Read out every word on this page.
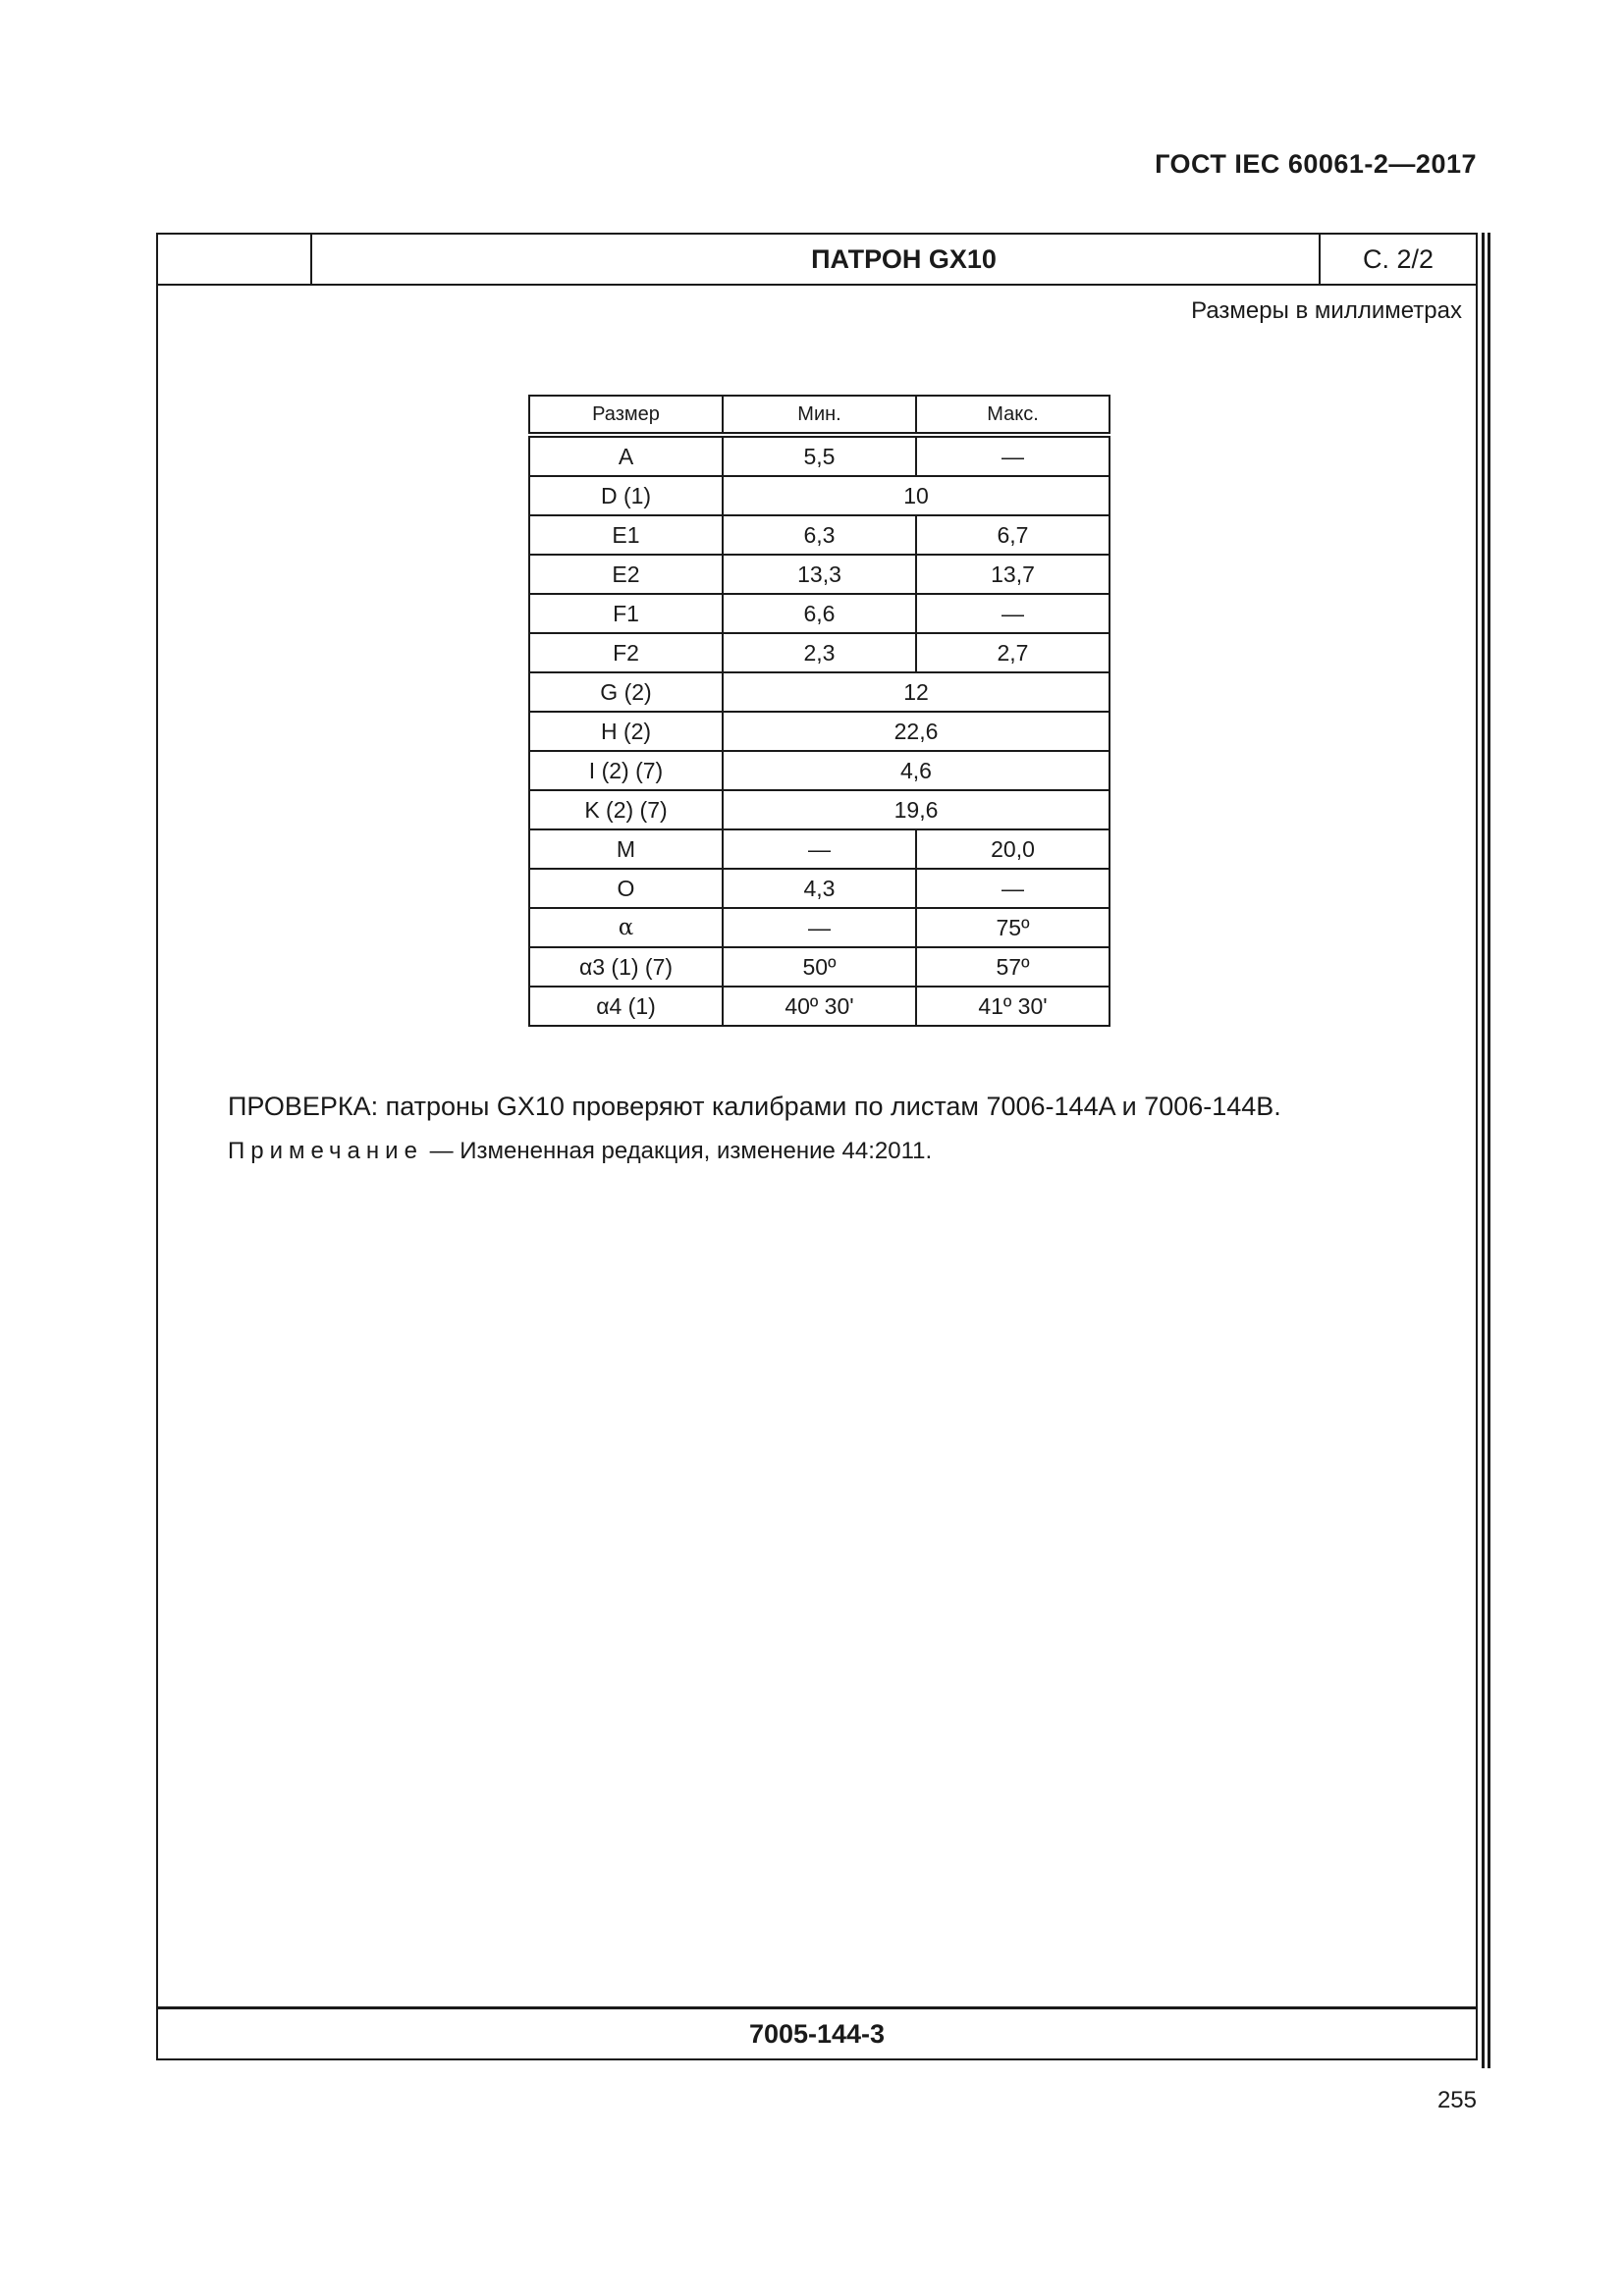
ГОСТ IEC 60061-2—2017
ПАТРОН GX10	С. 2/2
Размеры в миллиметрах
Размер	Мин.	Макс.
A	5,5	—
D (1)	10	
E1	6,3	6,7
E2	13,3	13,7
F1	6,6	—
F2	2,3	2,7
G (2)	12	
H (2)	22,6	
I (2) (7)	4,6	
K (2) (7)	19,6	
M	—	20,0
O	4,3	—
α	—	75º
α3 (1) (7)	50º	57º
α4 (1)	40º 30'	41º 30'
ПРОВЕРКА: патроны GX10 проверяют калибрами по листам 7006-144A и 7006-144B.
Примечание — Измененная редакция, изменение 44:2011.
7005-144-3
255
